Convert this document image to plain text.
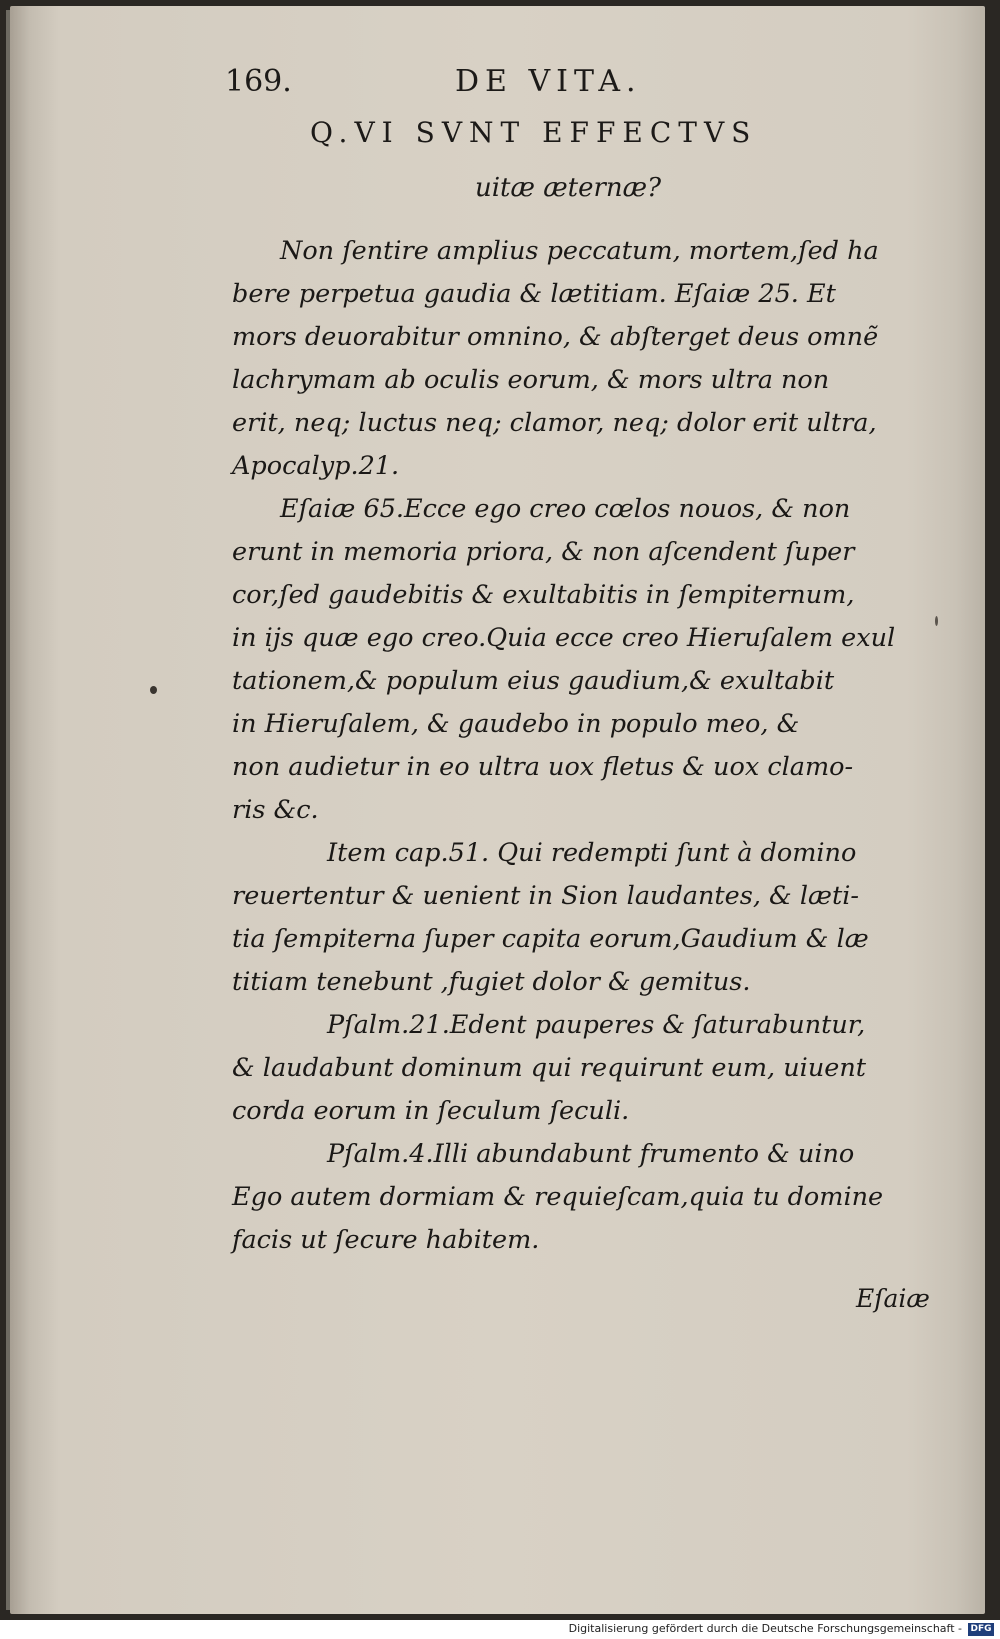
169.	DE VITA.
Q.VI SVNT EFFECTVS
uitæ æternæ?
Non ſentire amplius peccatum, mortem,ſed ha
bere perpetua gaudia & lætitiam. Eſaiæ 25. Et
mors deuorabitur omnino, & abſterget deus omnẽ
lachrymam ab oculis eorum, & mors ultra non
erit, neq; luctus neq; clamor, neq; dolor erit ultra,
Apocalyp.21.
Eſaiæ 65.Ecce ego creo cœlos nouos, & non
erunt in memoria priora, & non aſcendent ſuper
cor,ſed gaudebitis & exultabitis in ſempiternum,
in ijs quæ ego creo.Quia ecce creo Hieruſalem exul
tationem,& populum eius gaudium,& exultabit
in Hieruſalem, & gaudebo in populo meo, &
non audietur in eo ultra uox fletus & uox clamo-
ris &c.
Item cap.51. Qui redempti ſunt à domino
reuertentur & uenient in Sion laudantes, & læti-
tia ſempiterna ſuper capita eorum,Gaudium & læ
titiam tenebunt ,fugiet dolor & gemitus.
Pſalm.21.Edent pauperes & ſaturabuntur,
& laudabunt dominum qui requirunt eum, uiuent
corda eorum in ſeculum ſeculi.
Pſalm.4.Illi abundabunt frumento & uino
Ego autem dormiam & requieſcam,quia tu domine
facis ut ſecure habitem.
Eſaiæ
Digitalisierung gefördert durch die Deutsche Forschungsgemeinschaft - DFG
